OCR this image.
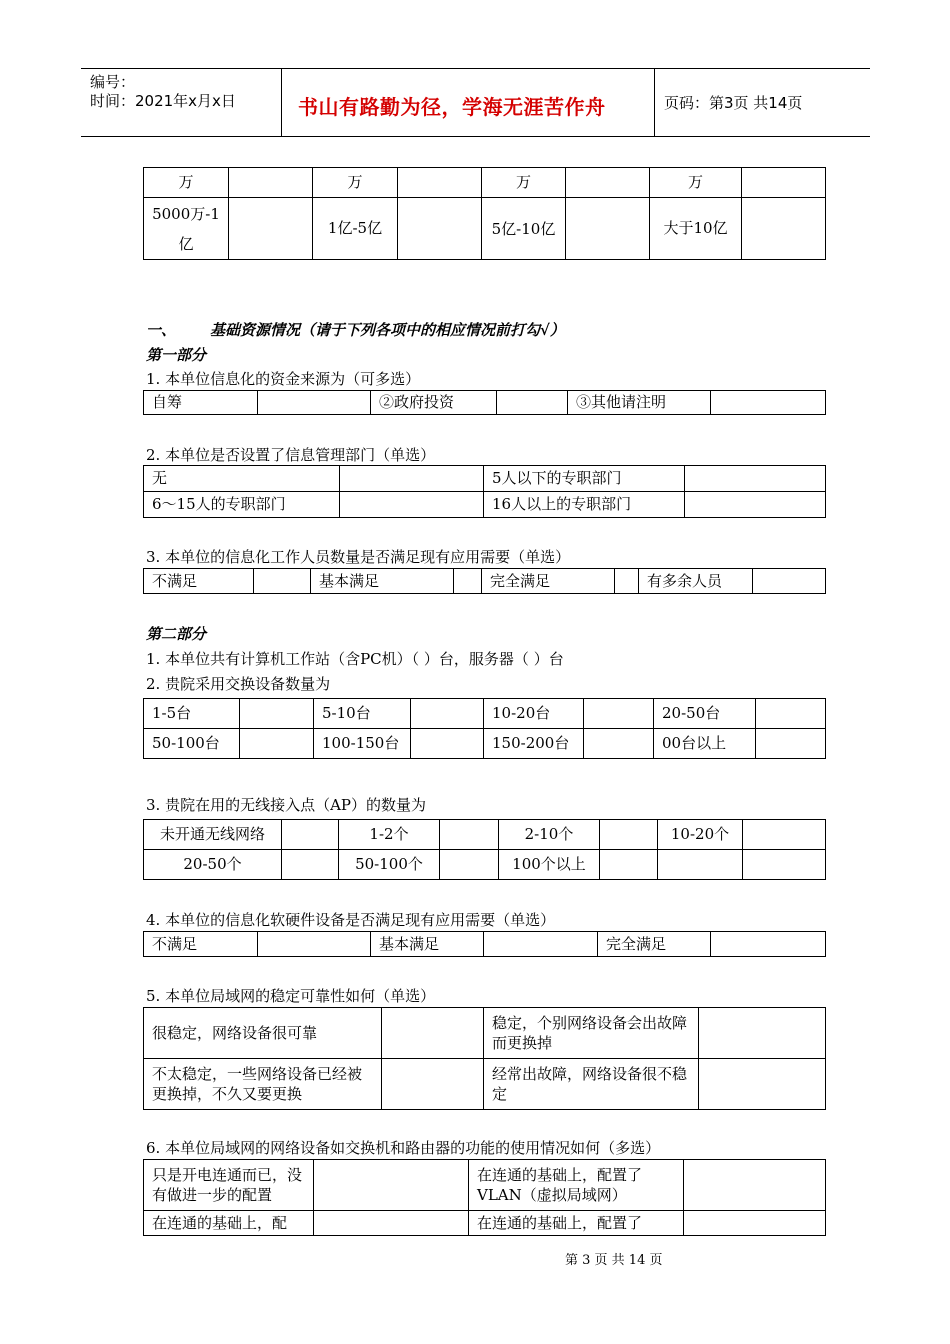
编号：
时间：2021年x月x日	书山有路勤为径，学海无涯苦作舟	页码：第3页 共14页
万		万		万		万	
5000万-1亿		1亿-5亿		5亿-10亿		大于10亿	
一、 基础资源情况（请于下列各项中的相应情况前打勾√）
第一部分
1. 本单位信息化的资金来源为（可多选）
自筹		②政府投资		③其他请注明	
2. 本单位是否设置了信息管理部门（单选）
无		5人以下的专职部门	
6～15人的专职部门		16人以上的专职部门	
3. 本单位的信息化工作人员数量是否满足现有应用需要（单选）
不满足		基本满足		完全满足		有多余人员	
第二部分
1. 本单位共有计算机工作站（含PC机）（ ）台，服务器（ ）台
2. 贵院采用交换设备数量为
1-5台		5-10台		10-20台		20-50台	
50-100台		100-150台		150-200台		00台以上	
3. 贵院在用的无线接入点（AP）的数量为
未开通无线网络		1-2个		2-10个		10-20个	
20-50个		50-100个		100个以上			
4. 本单位的信息化软硬件设备是否满足现有应用需要（单选）
不满足		基本满足		完全满足	
5. 本单位局域网的稳定可靠性如何（单选）
很稳定，网络设备很可靠		稳定，个别网络设备会出故障而更换掉	
不太稳定，一些网络设备已经被更换掉，不久又要更换		经常出故障，网络设备很不稳定	
6. 本单位局域网的网络设备如交换机和路由器的功能的使用情况如何（多选）
只是开电连通而已，没有做进一步的配置		在连通的基础上，配置了VLAN（虚拟局域网）	
在连通的基础上，配		在连通的基础上，配置了	
第 3 页 共 14 页
